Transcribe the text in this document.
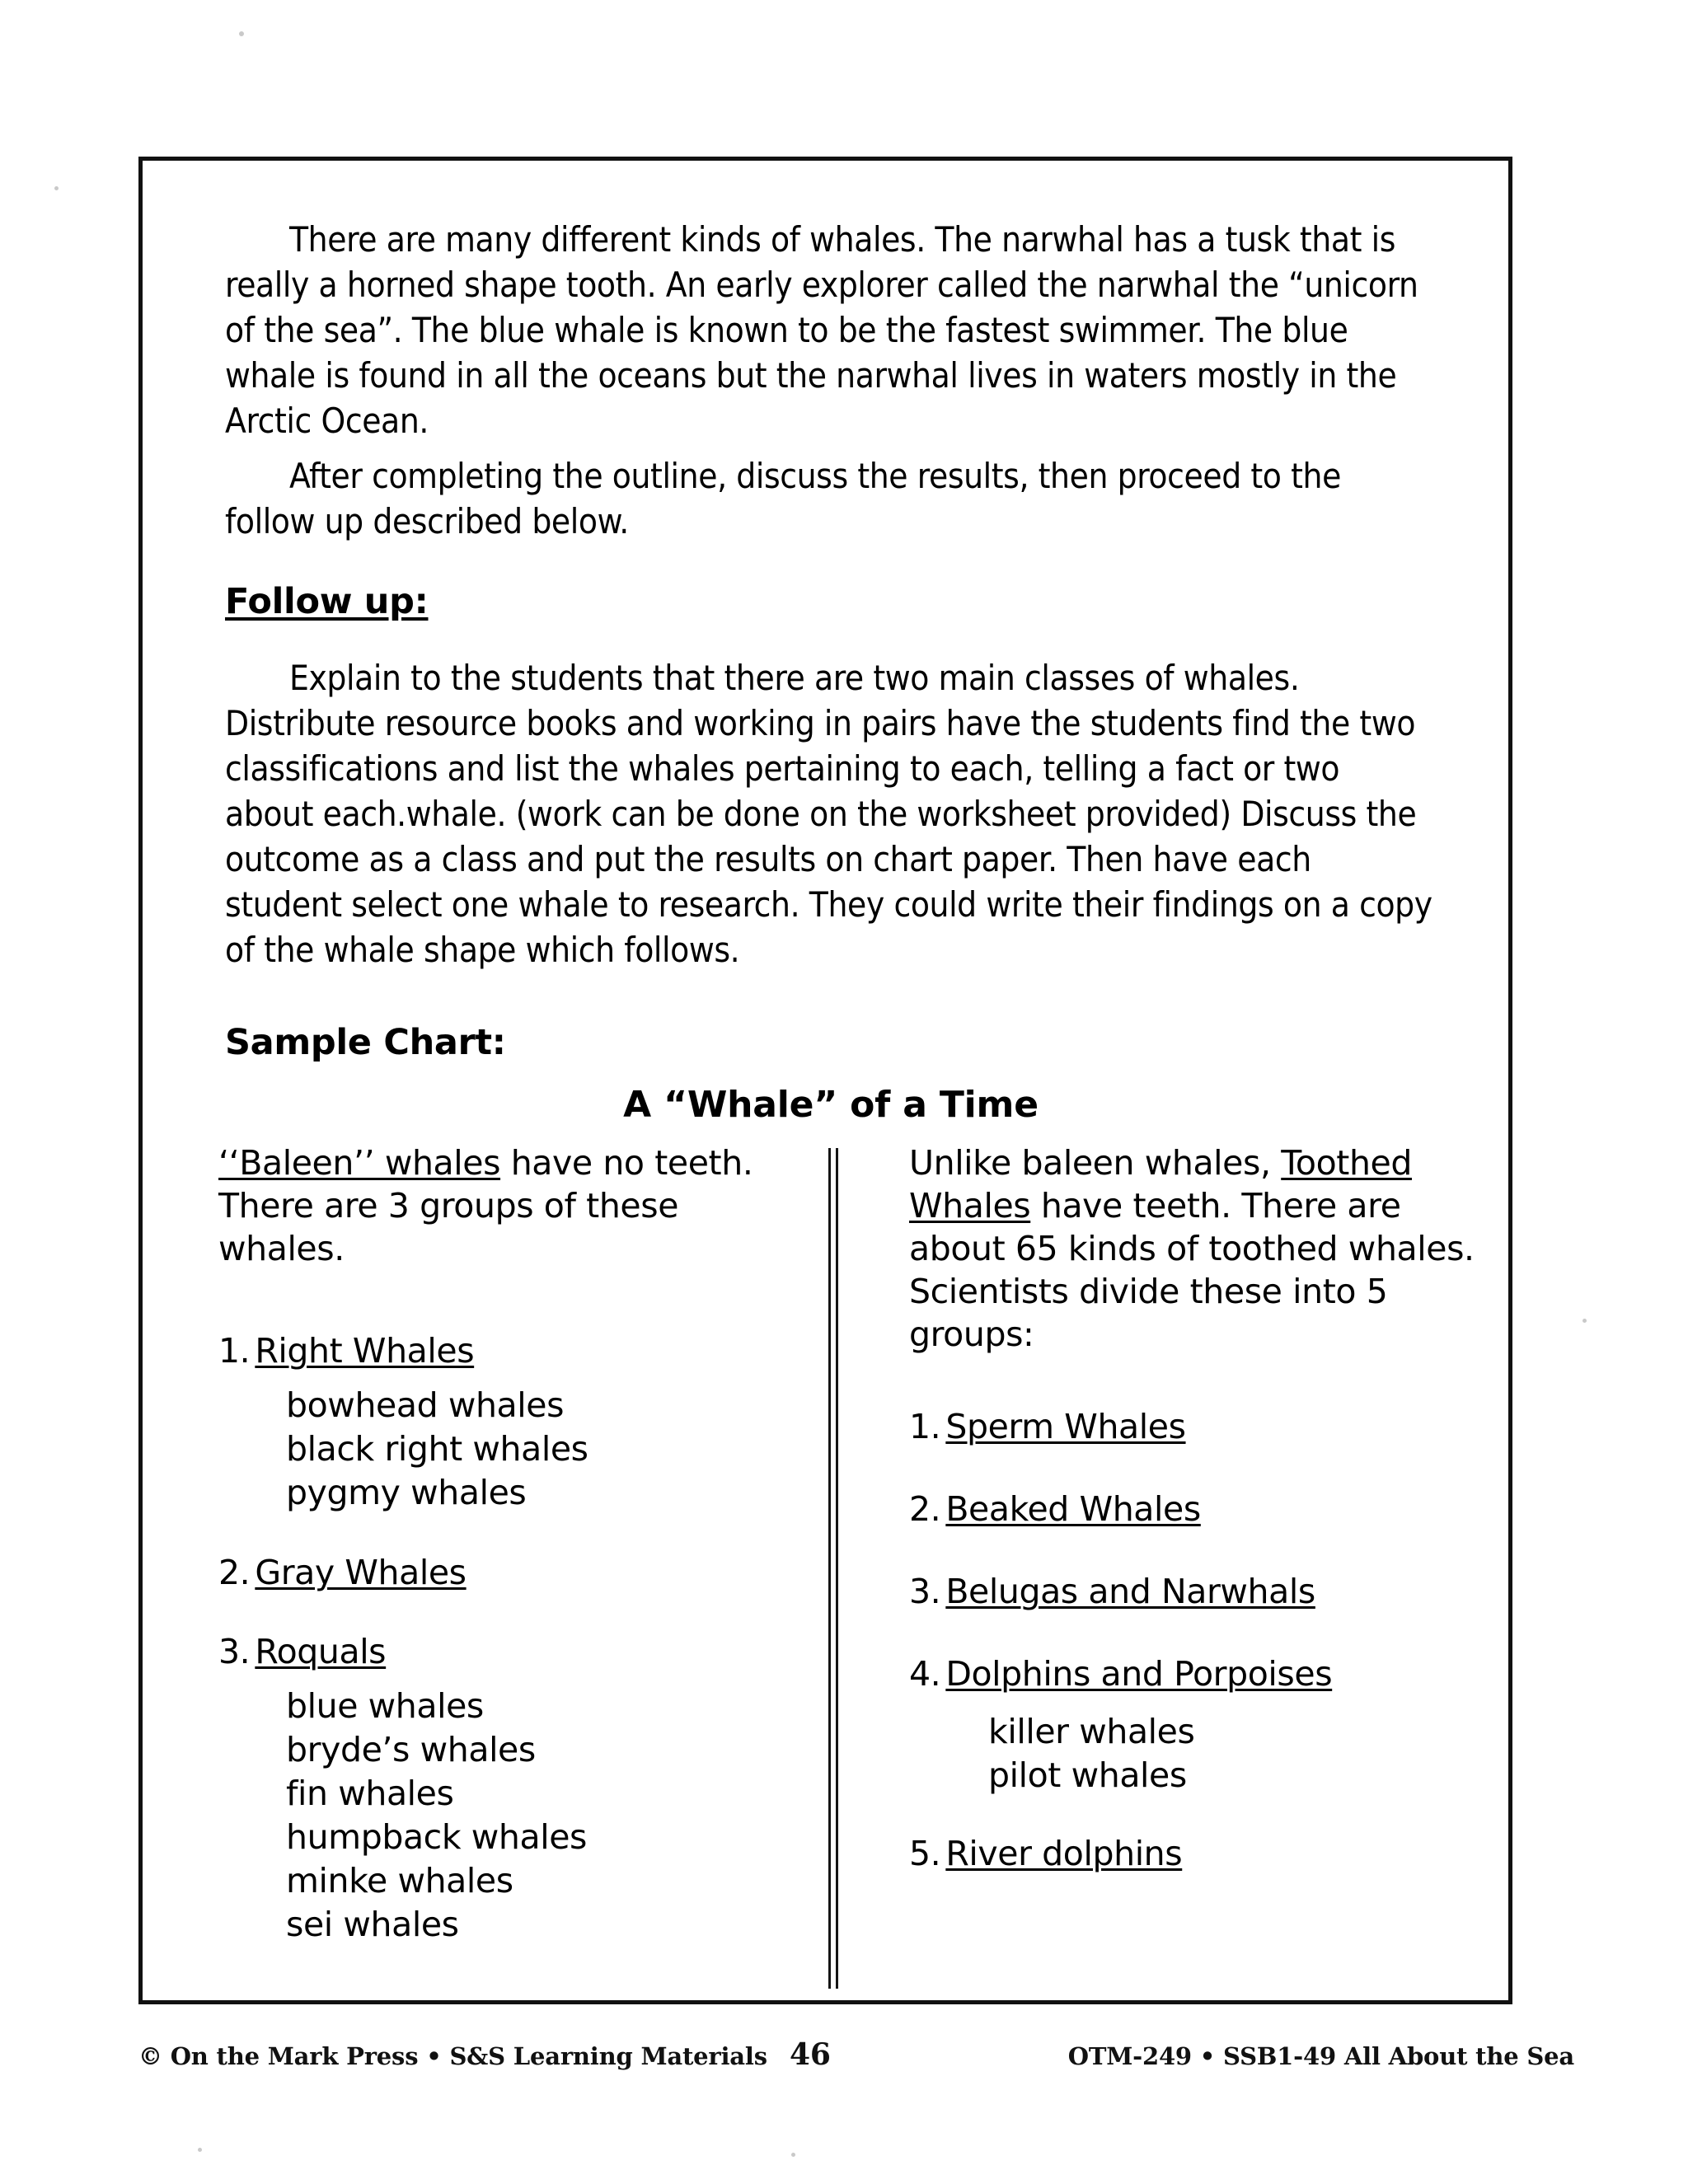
There are many different kinds of whales. The narwhal has a tusk that is really a horned shape tooth. An early explorer called the narwhal the “unicorn of the sea”. The blue whale is known to be the fastest swimmer. The blue whale is found in all the oceans but the narwhal lives in waters mostly in the Arctic Ocean.

After completing the outline, discuss the results, then proceed to the follow up described below.

Follow up:

Explain to the students that there are two main classes of whales. Distribute resource books and working in pairs have the students find the two classifications and list the whales pertaining to each, telling a fact or two about each.whale. (work can be done on the worksheet provided) Discuss the outcome as a class and put the results on chart paper. Then have each student select one whale to research. They could write their findings on a copy of the whale shape which follows.

Sample Chart:
A “Whale” of a Time
‘‘Baleen’’ whales have no teeth. There are 3 groups of these whales.
1. Right Whales
bowhead whales
black right whales
pygmy whales
2. Gray Whales
3. Roquals
blue whales
bryde’s whales
fin whales
humpback whales
minke whales
sei whales
Unlike baleen whales, Toothed Whales have teeth. There are about 65 kinds of toothed whales. Scientists divide these into 5 groups:
1. Sperm Whales
2. Beaked Whales
3. Belugas and Narwhals
4. Dolphins and Porpoises
killer whales
pilot whales
5. River dolphins
© On the Mark Press • S&S Learning Materials 46	OTM-249 • SSB1-49 All About the Sea
